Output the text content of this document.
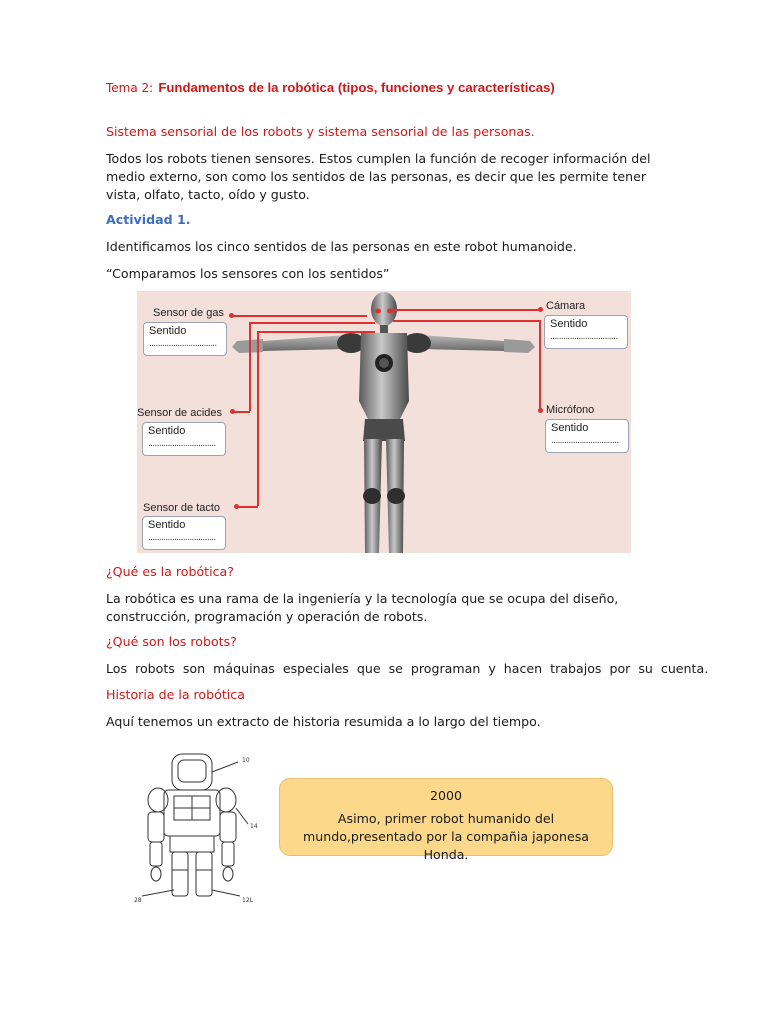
Tema 2: Fundamentos de la robótica (tipos, funciones y características)
Sistema sensorial de los robots y sistema sensorial de las personas.
Todos los robots tienen sensores. Estos cumplen la función de recoger información del medio externo, son como los sentidos de las personas, es decir que les permite tener vista, olfato, tacto, oído y gusto.
Actividad 1.
Identificamos los cinco sentidos de las personas en este robot humanoide.
“Comparamos los sensores con los sentidos”
Sensor de gas
Sensor de acides
Sensor de tacto
Cámara
Micrófono
Sentido
...............................
Sentido
...............................
Sentido
...............................
Sentido
...............................
Sentido
...............................
¿Qué es la robótica?
La robótica es una rama de la ingeniería y la tecnología que se ocupa del diseño, construcción, programación y operación de robots.
¿Qué son los robots?
Los robots son máquinas especiales que se programan y hacen trabajos por su cuenta.
Historia de la robótica
Aquí tenemos un extracto de historia resumida a lo largo del tiempo.
10
14
28	12L
2000
Asimo, primer robot humanido del mundo,presentado por la compañia japonesa Honda.
